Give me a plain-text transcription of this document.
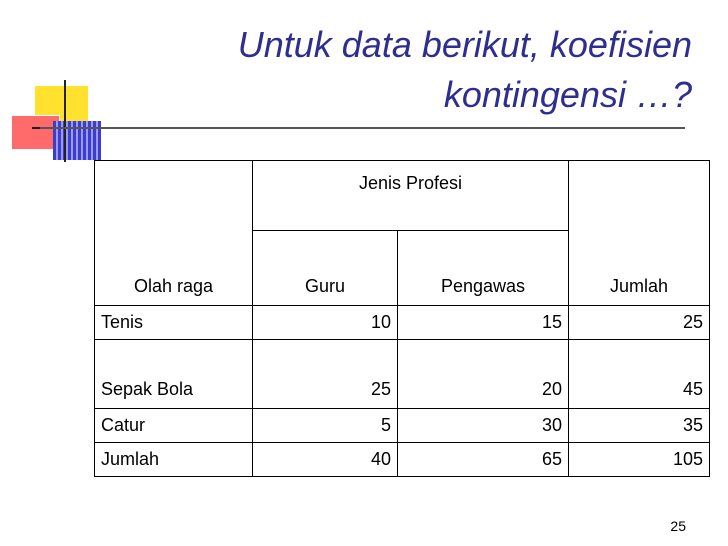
Untuk data berikut, koefisien
kontingensi …?
Olah raga	Jenis Profesi		Jumlah
	Guru	Pengawas	
Tenis	10	15	25
Sepak Bola	25	20	45
Catur	5	30	35
Jumlah	40	65	105
25
